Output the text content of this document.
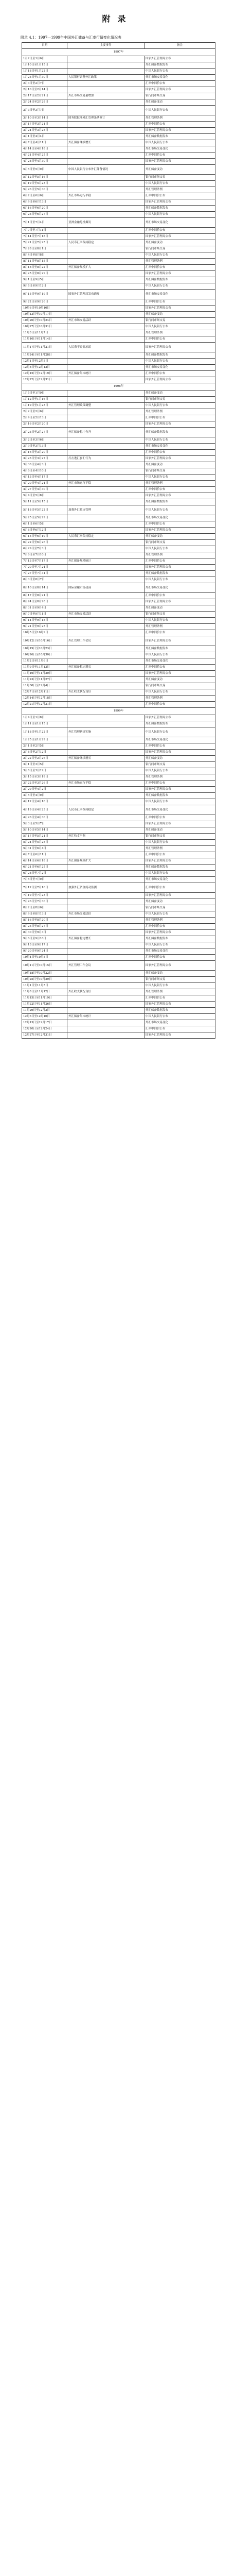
附录
附录 4.1：1997—1999年中国外汇储备与汇率行情变化情况表
日期	主要事件	备注
1997年		
1月2日至1月6日		国家外汇管理局公布
1月10日至1月15日		外汇储备数据发布
1月18日至1月22日		中国人民银行公布
1月25日至1月30日	人民银行调整外汇政策	外汇市场交易变化
2月3日至2月7日		汇率中间价公布
2月10日至2月14日		国家外汇管理局公布
2月17日至2月21日	外汇市场交易量增加	银行间市场交易
2月24日至2月28日		外汇储备变动
3月3日至3月7日		中国人民银行公布
3月10日至3月14日	国务院批准外汇管理条例修订	外汇管理条例
3月17日至3月21日		汇率中间价公布
3月24日至3月28日		国家外汇管理局公布
4月1日至4月4日		外汇储备数据发布
4月7日至4月11日	外汇储备继续增长	中国人民银行公布
4月14日至4月18日		外汇市场交易变化
4月21日至4月25日		汇率中间价公布
4月28日至4月30日		国家外汇管理局公布
5月5日至5月9日	中国人民银行公布外汇储备情况	外汇储备变动
5月12日至5月16日		银行间市场交易
5月19日至5月23日		中国人民银行公布
5月26日至5月30日		外汇管理条例
6月2日至6月6日	外汇市场运行平稳	汇率中间价公布
6月9日至6月13日		国家外汇管理局公布
6月16日至6月20日		外汇储备数据发布
6月23日至6月27日		中国人民银行公布
7月1日至7月4日	亚洲金融危机爆发	外汇市场交易变化
7月7日至7月11日		汇率中间价公布
7月14日至7月18日		国家外汇管理局公布
7月21日至7月25日	人民币汇率保持稳定	外汇储备变动
7月28日至8月1日		银行间市场交易
8月4日至8月8日		中国人民银行公布
8月11日至8月15日		外汇管理条例
8月18日至8月22日	外汇储备规模扩大	汇率中间价公布
8月25日至8月29日		国家外汇管理局公布
9月1日至9月5日		外汇储备数据发布
9月8日至9月12日		中国人民银行公布
9月15日至9月19日	国家外汇管理局发布通知	外汇市场交易变化
9月22日至9月26日		汇率中间价公布
10月6日至10月10日		国家外汇管理局公布
10月13日至10月17日		外汇储备变动
10月20日至10月24日	外汇市场交易活跃	银行间市场交易
10月27日至10月31日		中国人民银行公布
11月3日至11月7日		外汇管理条例
11月10日至11月14日		汇率中间价公布
11月17日至11月21日	人民币不贬值承诺	国家外汇管理局公布
11月24日至11月28日		外汇储备数据发布
12月1日至12月5日		中国人民银行公布
12月8日至12月12日		外汇市场交易变化
12月15日至12月19日	外汇储备年末统计	汇率中间价公布
12月22日至12月31日		国家外汇管理局公布
1998年		
1月5日至1月9日		外汇储备变动
1月12日至1月16日		银行间市场交易
1月19日至1月23日	外汇管理政策调整	中国人民银行公布
2月2日至2月6日		外汇管理条例
2月9日至2月13日		汇率中间价公布
2月16日至2月20日		国家外汇管理局公布
2月23日至2月27日	外汇储备稳中有升	外汇储备数据发布
3月2日至3月6日		中国人民银行公布
3月9日至3月13日		外汇市场交易变化
3月16日至3月20日		汇率中间价公布
3月23日至3月27日	打击逃汇套汇行为	国家外汇管理局公布
3月30日至4月3日		外汇储备变动
4月6日至4月10日		银行间市场交易
4月13日至4月17日		中国人民银行公布
4月20日至4月24日	外汇市场运行平稳	外汇管理条例
4月27日至4月30日		汇率中间价公布
5月4日至5月8日		国家外汇管理局公布
5月11日至5月15日		外汇储备数据发布
5月18日至5月22日	加强外汇收支管理	中国人民银行公布
5月25日至5月29日		外汇市场交易变化
6月1日至6月5日		汇率中间价公布
6月8日至6月12日		国家外汇管理局公布
6月15日至6月19日	人民币汇率保持稳定	外汇储备变动
6月22日至6月26日		银行间市场交易
6月29日至7月3日		中国人民银行公布
7月6日至7月10日		外汇管理条例
7月13日至7月17日	外汇储备规模统计	汇率中间价公布
7月20日至7月24日		国家外汇管理局公布
7月27日至7月31日		外汇储备数据发布
8月3日至8月7日		中国人民银行公布
8月10日至8月14日	国际金融市场动荡	外汇市场交易变化
8月17日至8月21日		汇率中间价公布
8月24日至8月28日		国家外汇管理局公布
8月31日至9月4日		外汇储备变动
9月7日至9月11日	外汇市场交易活跃	银行间市场交易
9月14日至9月18日		中国人民银行公布
9月21日至9月25日		外汇管理条例
10月5日至10月9日		汇率中间价公布
10月12日至10月16日	外汇管理工作会议	国家外汇管理局公布
10月19日至10月23日		外汇储备数据发布
10月26日至10月30日		中国人民银行公布
11月2日至11月6日		外汇市场交易变化
11月9日至11月13日	外汇储备稳定增长	汇率中间价公布
11月16日至11月20日		国家外汇管理局公布
11月23日至11月27日		外汇储备变动
11月30日至12月4日		银行间市场交易
12月7日至12月11日	外汇收支状况良好	中国人民银行公布
12月14日至12月18日		外汇管理条例
12月21日至12月31日		汇率中间价公布
1999年		
1月4日至1月8日		国家外汇管理局公布
1月11日至1月15日		外汇储备数据发布
1月18日至1月22日	外汇管理新规实施	中国人民银行公布
1月25日至1月29日		外汇市场交易变化
2月1日至2月5日		汇率中间价公布
2月8日至2月12日		国家外汇管理局公布
2月22日至2月26日	外汇储备继续增长	外汇储备变动
3月1日至3月5日		银行间市场交易
3月8日至3月12日		中国人民银行公布
3月15日至3月19日		外汇管理条例
3月22日至3月26日	外汇市场运行平稳	汇率中间价公布
3月29日至4月2日		国家外汇管理局公布
4月5日至4月9日		外汇储备数据发布
4月12日至4月16日		中国人民银行公布
4月19日至4月23日	人民币汇率保持稳定	外汇市场交易变化
4月26日至4月30日		汇率中间价公布
5月3日至5月7日		国家外汇管理局公布
5月10日至5月14日		外汇储备变动
5月17日至5月21日	外汇收支平衡	银行间市场交易
5月24日至5月28日		中国人民银行公布
5月31日至6月4日		外汇管理条例
6月7日至6月11日		汇率中间价公布
6月14日至6月18日	外汇储备规模扩大	国家外汇管理局公布
6月21日至6月25日		外汇储备数据发布
6月28日至7月2日		中国人民银行公布
7月5日至7月9日		外汇市场交易变化
7月12日至7月16日	加强外汇资金流动监测	汇率中间价公布
7月19日至7月23日		国家外汇管理局公布
7月26日至7月30日		外汇储备变动
8月2日至8月6日		银行间市场交易
8月9日至8月13日	外汇市场交易活跃	中国人民银行公布
8月16日至8月20日		外汇管理条例
8月23日至8月27日		汇率中间价公布
8月30日至9月3日		国家外汇管理局公布
9月6日至9月10日	外汇储备稳定增长	外汇储备数据发布
9月13日至9月17日		中国人民银行公布
9月20日至9月24日		外汇市场交易变化
10月4日至10月8日		汇率中间价公布
10月11日至10月15日	外汇管理工作会议	国家外汇管理局公布
10月18日至10月22日		外汇储备变动
10月25日至10月29日		银行间市场交易
11月1日至11月5日		中国人民银行公布
11月8日至11月12日	外汇收支状况良好	外汇管理条例
11月15日至11月19日		汇率中间价公布
11月22日至11月26日		国家外汇管理局公布
11月29日至12月3日		外汇储备数据发布
12月6日至12月10日	外汇储备年末统计	中国人民银行公布
12月13日至12月17日		外汇市场交易变化
12月20日至12月24日		汇率中间价公布
12月27日至12月31日		国家外汇管理局公布
